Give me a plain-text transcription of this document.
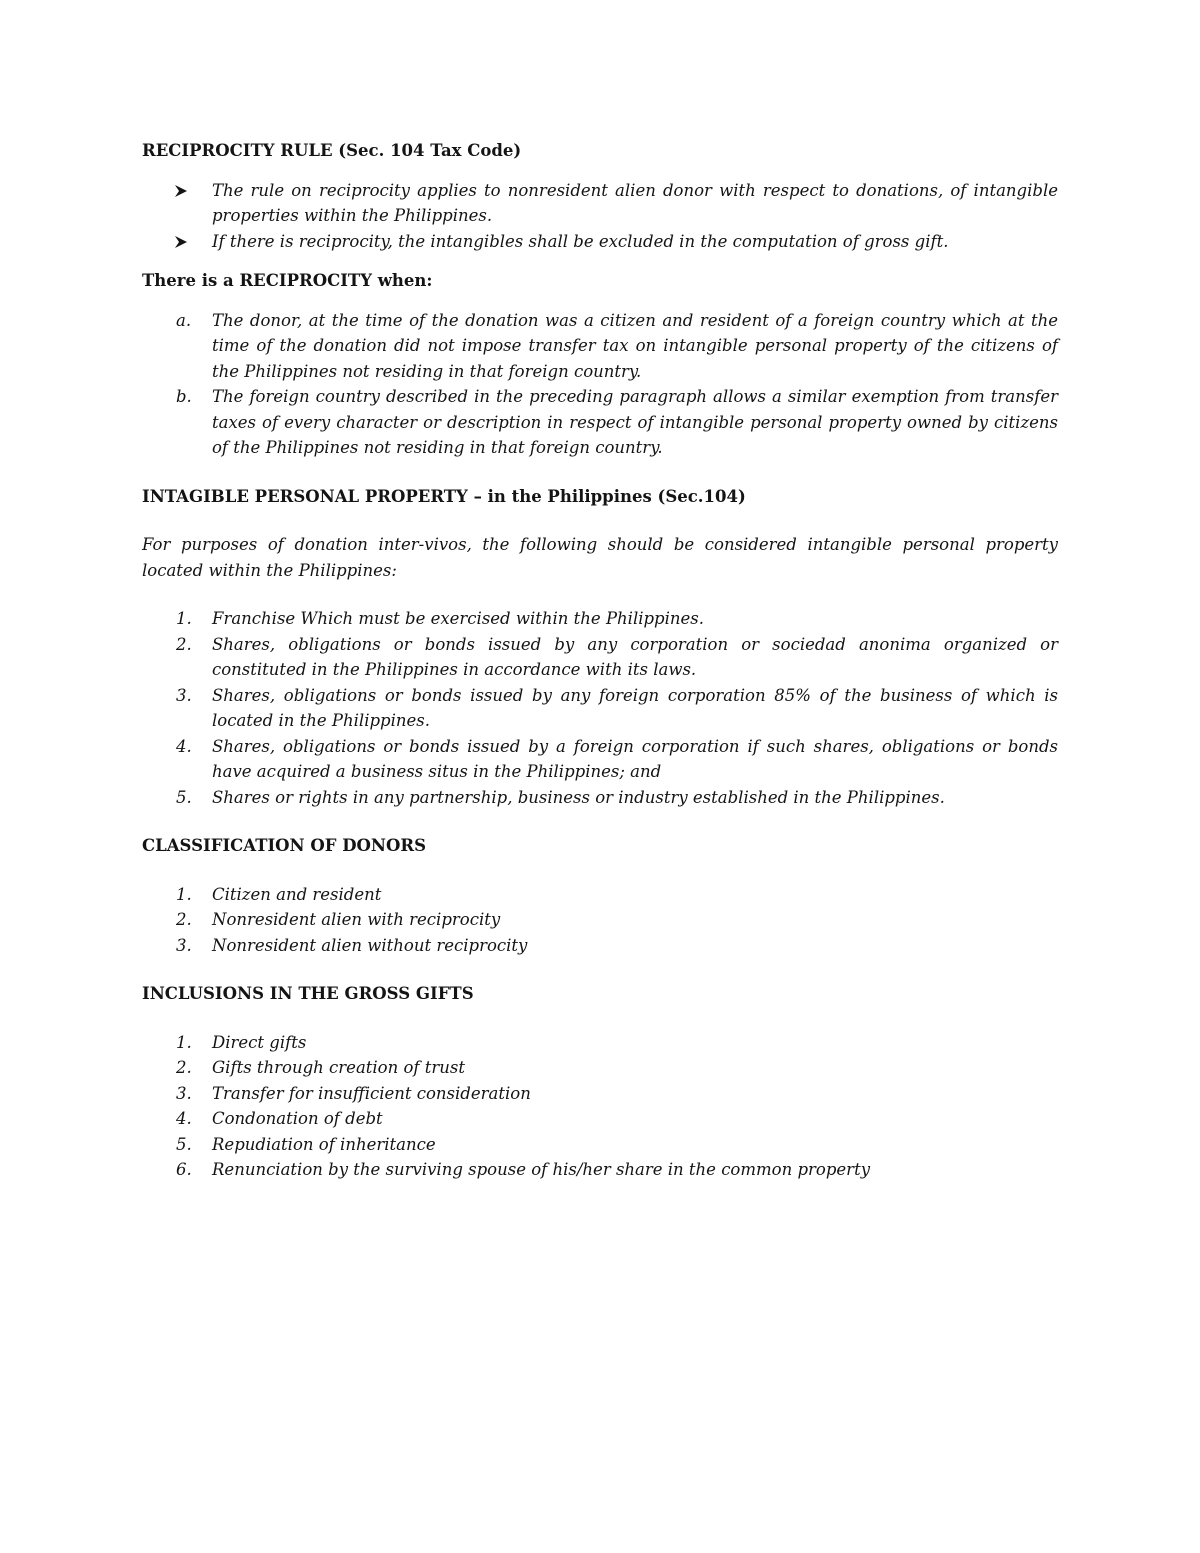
RECIPROCITY RULE (Sec. 104 Tax Code)

The rule on reciprocity applies to nonresident alien donor with respect to donations, of intangible properties within the Philippines.
If there is reciprocity, the intangibles shall be excluded in the computation of gross gift.

There is a RECIPROCITY when:

a. The donor, at the time of the donation was a citizen and resident of a foreign country which at the time of the donation did not impose transfer tax on intangible personal property of the citizens of the Philippines not residing in that foreign country.
b. The foreign country described in the preceding paragraph allows a similar exemption from transfer taxes of every character or description in respect of intangible personal property owned by citizens of the Philippines not residing in that foreign country.

INTAGIBLE PERSONAL PROPERTY – in the Philippines (Sec.104)

For purposes of donation inter-vivos, the following should be considered intangible personal property located within the Philippines:

1. Franchise Which must be exercised within the Philippines.
2. Shares, obligations or bonds issued by any corporation or sociedad anonima organized or constituted in the Philippines in accordance with its laws.
3. Shares, obligations or bonds issued by any foreign corporation 85% of the business of which is located in the Philippines.
4. Shares, obligations or bonds issued by a foreign corporation if such shares, obligations or bonds have acquired a business situs in the Philippines; and
5. Shares or rights in any partnership, business or industry established in the Philippines.

CLASSIFICATION OF DONORS

1. Citizen and resident
2. Nonresident alien with reciprocity
3. Nonresident alien without reciprocity

INCLUSIONS IN THE GROSS GIFTS

1. Direct gifts
2. Gifts through creation of trust
3. Transfer for insufficient consideration
4. Condonation of debt
5. Repudiation of inheritance
6. Renunciation by the surviving spouse of his/her share in the common property
